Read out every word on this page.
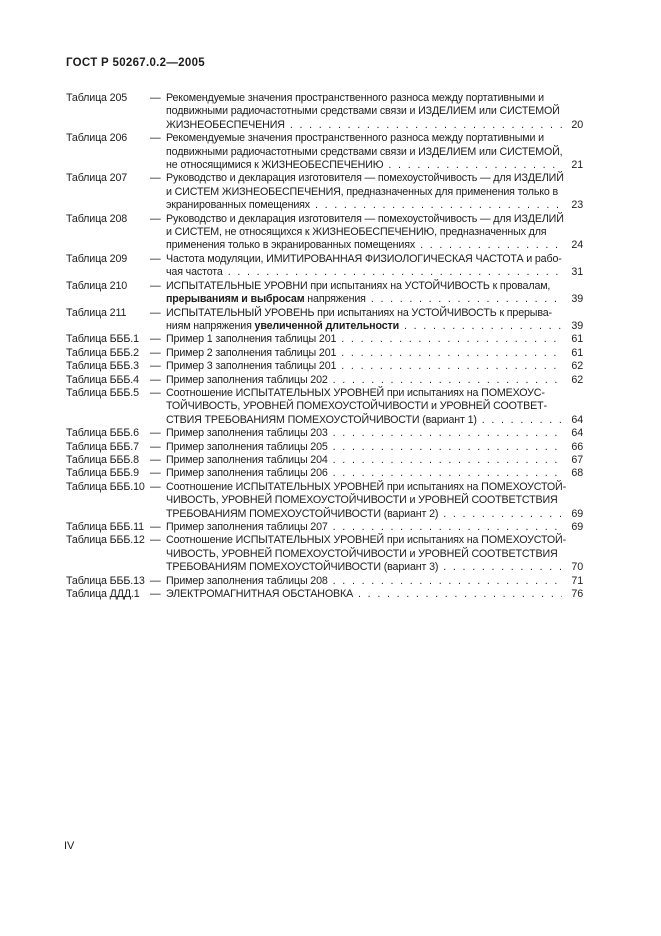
ГОСТ Р 50267.0.2—2005
Таблица 205	— Рекомендуемые значения пространственного разноса между портативными и
подвижными радиочастотными средствами связи и ИЗДЕЛИЕМ или СИСТЕМОЙ
ЖИЗНЕОБЕСПЕЧЕНИЯ . . .	20
Таблица 206	— Рекомендуемые значения пространственного разноса между портативными и
подвижными радиочастотными средствами связи и ИЗДЕЛИЕМ или СИСТЕМОЙ,
не относящимися к ЖИЗНЕОБЕСПЕЧЕНИЮ . . .	21
Таблица 207	— Руководство и декларация изготовителя — помехоустойчивость — для ИЗДЕЛИЙ
и СИСТЕМ ЖИЗНЕОБЕСПЕЧЕНИЯ, предназначенных для применения только в
экранированных помещениях . . .	23
Таблица 208	— Руководство и декларация изготовителя — помехоустойчивость — для ИЗДЕЛИЙ
и СИСТЕМ, не относящихся к ЖИЗНЕОБЕСПЕЧЕНИЮ, предназначенных для
применения только в экранированных помещениях . . .	24
Таблица 209	— Частота модуляции, ИМИТИРОВАННАЯ ФИЗИОЛОГИЧЕСКАЯ ЧАСТОТА и рабо-
чая частота . . .	31
Таблица 210	— ИСПЫТАТЕЛЬНЫЕ УРОВНИ при испытаниях на УСТОЙЧИВОСТЬ к провалам,
прерываниям и выбросам напряжения . . .	39
Таблица 211	— ИСПЫТАТЕЛЬНЫЙ УРОВЕНЬ при испытаниях на УСТОЙЧИВОСТЬ к прерыва-
ниям напряжения увеличенной длительности . . .	39
Таблица БББ.1	— Пример 1 заполнения таблицы 201 . . .	61
Таблица БББ.2	— Пример 2 заполнения таблицы 201 . . .	61
Таблица БББ.3	— Пример 3 заполнения таблицы 201 . . .	62
Таблица БББ.4	— Пример заполнения таблицы 202 . . .	62
Таблица БББ.5	— Соотношение ИСПЫТАТЕЛЬНЫХ УРОВНЕЙ при испытаниях на ПОМЕХОУС-
ТОЙЧИВОСТЬ, УРОВНЕЙ ПОМЕХОУСТОЙЧИВОСТИ и УРОВНЕЙ СООТВЕТ-
СТВИЯ ТРЕБОВАНИЯМ ПОМЕХОУСТОЙЧИВОСТИ (вариант 1) . . .	64
Таблица БББ.6	— Пример заполнения таблицы 203 . . .	64
Таблица БББ.7	— Пример заполнения таблицы 205 . . .	66
Таблица БББ.8	— Пример заполнения таблицы 204 . . .	67
Таблица БББ.9	— Пример заполнения таблицы 206 . . .	68
Таблица БББ.10 — Соотношение ИСПЫТАТЕЛЬНЫХ УРОВНЕЙ при испытаниях на ПОМЕХОУСТОЙ-
ЧИВОСТЬ, УРОВНЕЙ ПОМЕХОУСТОЙЧИВОСТИ и УРОВНЕЙ СООТВЕТСТВИЯ
ТРЕБОВАНИЯМ ПОМЕХОУСТОЙЧИВОСТИ (вариант 2) . . .	69
Таблица БББ.11 — Пример заполнения таблицы 207 . . .	69
Таблица БББ.12 — Соотношение ИСПЫТАТЕЛЬНЫХ УРОВНЕЙ при испытаниях на ПОМЕХОУСТОЙ-
ЧИВОСТЬ, УРОВНЕЙ ПОМЕХОУСТОЙЧИВОСТИ и УРОВНЕЙ СООТВЕТСТВИЯ
ТРЕБОВАНИЯМ ПОМЕХОУСТОЙЧИВОСТИ (вариант 3) . . .	70
Таблица БББ.13 — Пример заполнения таблицы 208 . . .	71
Таблица ДДД.1 — ЭЛЕКТРОМАГНИТНАЯ ОБСТАНОВКА . . .	76
IV
